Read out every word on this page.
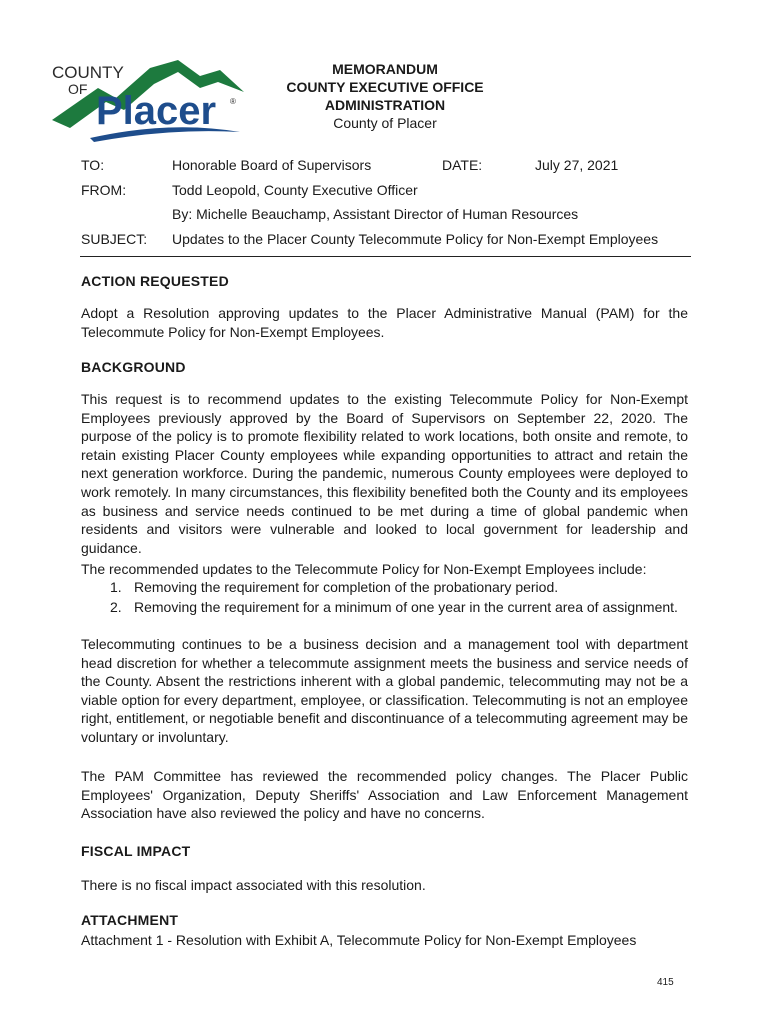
COUNTY
OF Placer ®
MEMORANDUM
COUNTY EXECUTIVE OFFICE
ADMINISTRATION
County of Placer
TO:	Honorable Board of Supervisors	DATE:	July 27, 2021
FROM:	Todd Leopold, County Executive Officer
By: Michelle Beauchamp, Assistant Director of Human Resources
SUBJECT: Updates to the Placer County Telecommute Policy for Non-Exempt Employees
ACTION REQUESTED
Adopt a Resolution approving updates to the Placer Administrative Manual (PAM) for the Telecommute Policy for Non-Exempt Employees.
BACKGROUND
This request is to recommend updates to the existing Telecommute Policy for Non-Exempt Employees previously approved by the Board of Supervisors on September 22, 2020. The purpose of the policy is to promote flexibility related to work locations, both onsite and remote, to retain existing Placer County employees while expanding opportunities to attract and retain the next generation workforce. During the pandemic, numerous County employees were deployed to work remotely. In many circumstances, this flexibility benefited both the County and its employees as business and service needs continued to be met during a time of global pandemic when residents and visitors were vulnerable and looked to local government for leadership and guidance.
The recommended updates to the Telecommute Policy for Non-Exempt Employees include:
1. Removing the requirement for completion of the probationary period.
2. Removing the requirement for a minimum of one year in the current area of assignment.
Telecommuting continues to be a business decision and a management tool with department head discretion for whether a telecommute assignment meets the business and service needs of the County. Absent the restrictions inherent with a global pandemic, telecommuting may not be a viable option for every department, employee, or classification. Telecommuting is not an employee right, entitlement, or negotiable benefit and discontinuance of a telecommuting agreement may be voluntary or involuntary.
The PAM Committee has reviewed the recommended policy changes. The Placer Public Employees' Organization, Deputy Sheriffs' Association and Law Enforcement Management Association have also reviewed the policy and have no concerns.
FISCAL IMPACT
There is no fiscal impact associated with this resolution.
ATTACHMENT
Attachment 1 - Resolution with Exhibit A, Telecommute Policy for Non-Exempt Employees
415
